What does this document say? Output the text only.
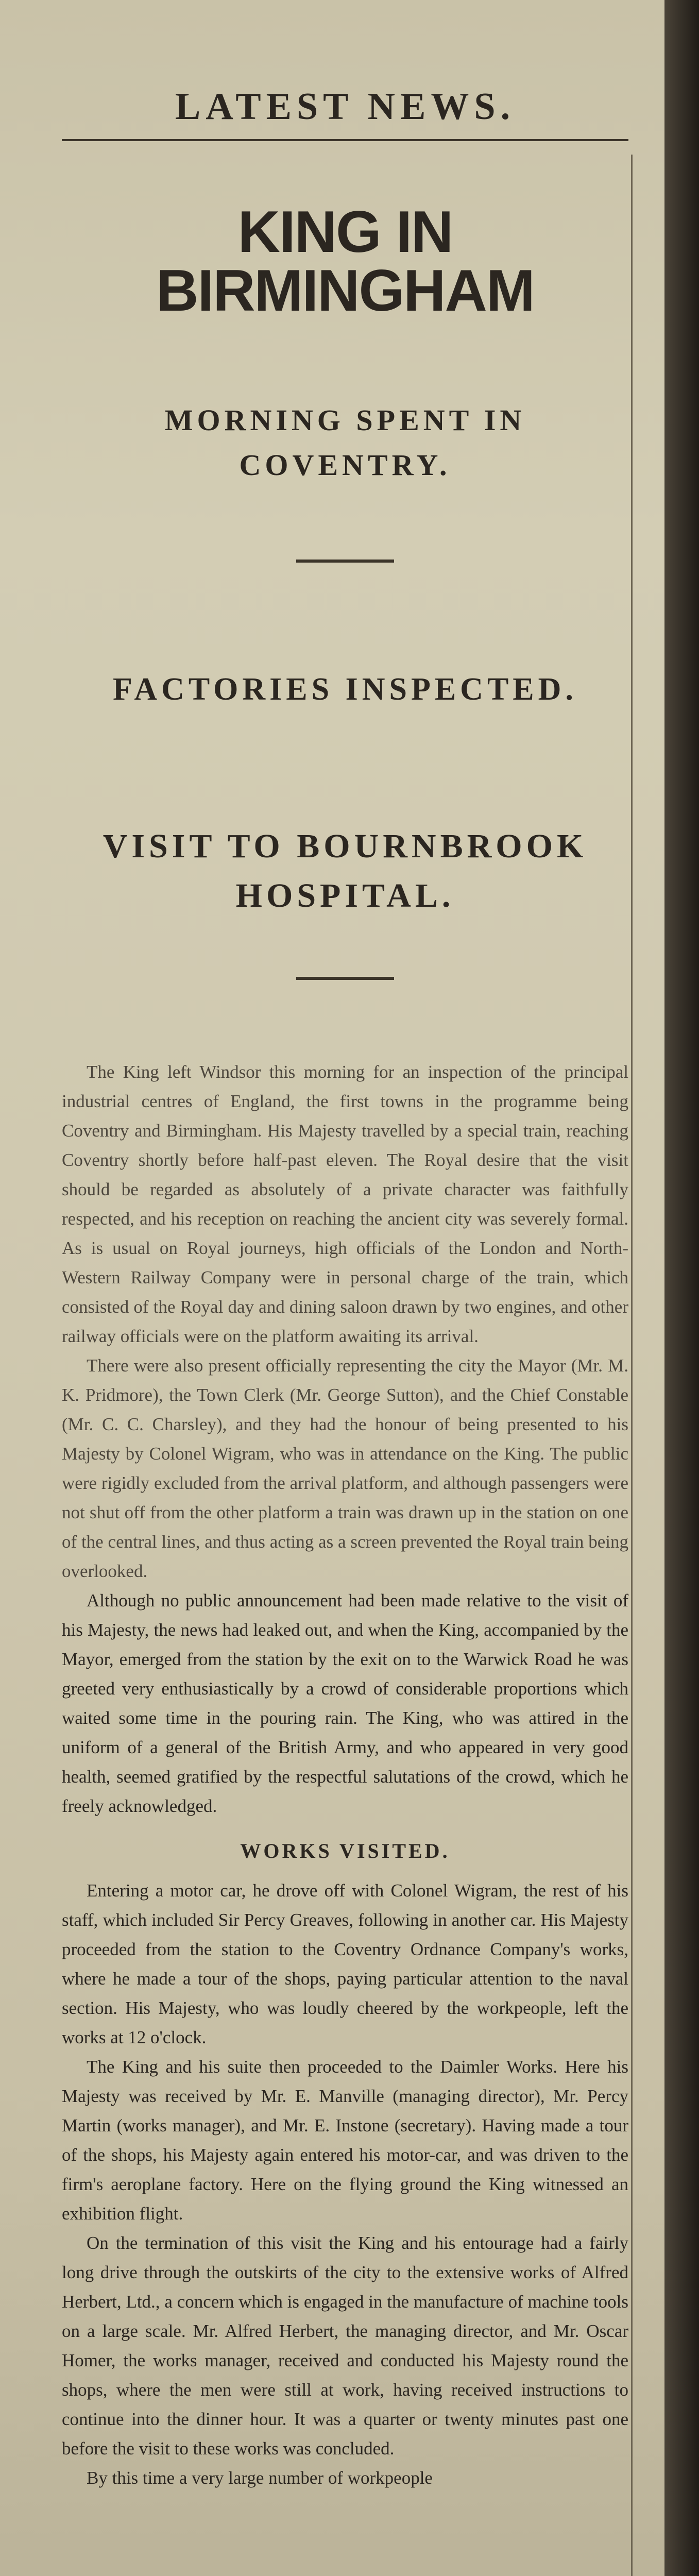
LATEST NEWS.
KING IN BIRMINGHAM
MORNING SPENT IN COVENTRY.
FACTORIES INSPECTED.
VISIT TO BOURNBROOK HOSPITAL.

The King left Windsor this morning for an inspection of the principal industrial centres of England, the first towns in the programme being Coventry and Birmingham. His Majesty travelled by a special train, reaching Coventry shortly before half-past eleven. The Royal desire that the visit should be regarded as absolutely of a private character was faithfully respected, and his reception on reaching the ancient city was severely formal. As is usual on Royal journeys, high officials of the London and North-Western Railway Company were in personal charge of the train, which consisted of the Royal day and dining saloon drawn by two engines, and other railway officials were on the platform awaiting its arrival.

There were also present officially representing the city the Mayor (Mr. M. K. Pridmore), the Town Clerk (Mr. George Sutton), and the Chief Constable (Mr. C. C. Charsley), and they had the honour of being presented to his Majesty by Colonel Wigram, who was in attendance on the King. The public were rigidly excluded from the arrival platform, and although passengers were not shut off from the other platform a train was drawn up in the station on one of the central lines, and thus acting as a screen prevented the Royal train being overlooked.

Although no public announcement had been made relative to the visit of his Majesty, the news had leaked out, and when the King, accompanied by the Mayor, emerged from the station by the exit on to the Warwick Road he was greeted very enthusiastically by a crowd of considerable proportions which waited some time in the pouring rain. The King, who was attired in the uniform of a general of the British Army, and who appeared in very good health, seemed gratified by the respectful salutations of the crowd, which he freely acknowledged.

WORKS VISITED.

Entering a motor car, he drove off with Colonel Wigram, the rest of his staff, which included Sir Percy Greaves, following in another car. His Majesty proceeded from the station to the Coventry Ordnance Company's works, where he made a tour of the shops, paying particular attention to the naval section. His Majesty, who was loudly cheered by the workpeople, left the works at 12 o'clock.

The King and his suite then proceeded to the Daimler Works. Here his Majesty was received by Mr. E. Manville (managing director), Mr. Percy Martin (works manager), and Mr. E. Instone (secretary). Having made a tour of the shops, his Majesty again entered his motor-car, and was driven to the firm's aeroplane factory. Here on the flying ground the King witnessed an exhibition flight.

On the termination of this visit the King and his entourage had a fairly long drive through the outskirts of the city to the extensive works of Alfred Herbert, Ltd., a concern which is engaged in the manufacture of machine tools on a large scale. Mr. Alfred Herbert, the managing director, and Mr. Oscar Homer, the works manager, received and conducted his Majesty round the shops, where the men were still at work, having received instructions to continue into the dinner hour. It was a quarter or twenty minutes past one before the visit to these works was concluded.

By this time a very large number of workpeople
